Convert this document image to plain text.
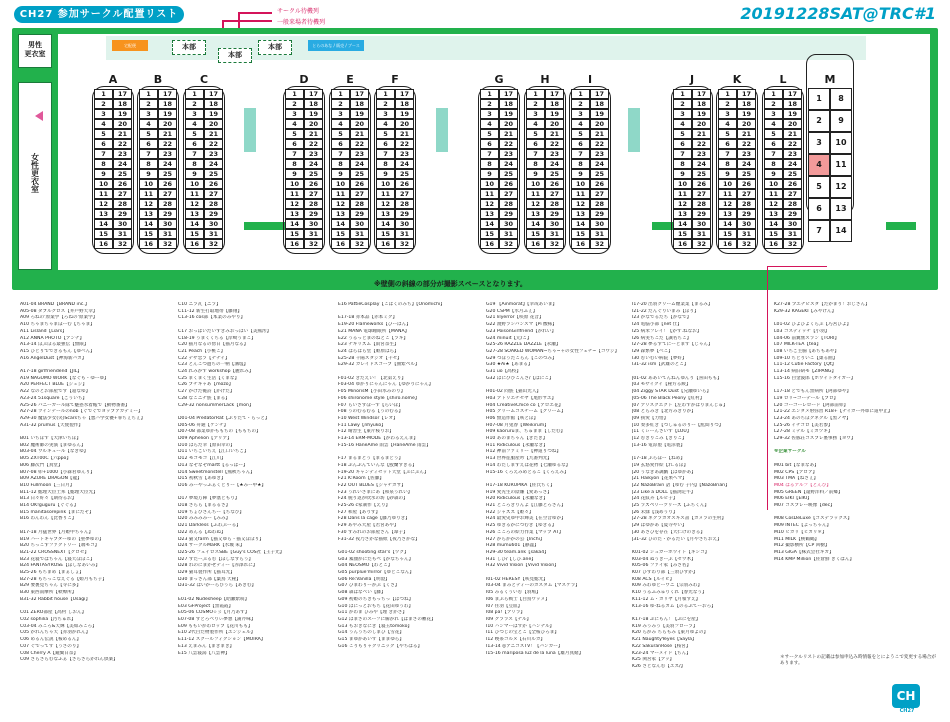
CH27 参加サークル配置リスト	サークル待機列
一般来場者待機列	20191228SAT@TRC#1
男性
更衣室
女性更衣室
宅配便	本部
本部
本部	とらのあな / 販売 / ブース
A
1	17
2	18
3	19
4	20
5	21
6	22
7	23
8	24
9	25
10	26
11	27
12	28
13	29
14	30
15	31
16	32
B
1	17
2	18
3	19
4	20
5	21
6	22
7	23
8	24
9	25
10	26
11	27
12	28
13	29
14	30
15	31
16	32
C
1	17
2	18
3	19
4	20
5	21
6	22
7	23
8	24
9	25
10	26
11	27
12	28
13	29
14	30
15	31
16	32
D
1	17
2	18
3	19
4	20
5	21
6	22
7	23
8	24
9	25
10	26
11	27
12	28
13	29
14	30
15	31
16	32
E
1	17
2	18
3	19
4	20
5	21
6	22
7	23
8	24
9	25
10	26
11	27
12	28
13	29
14	30
15	31
16	32
F
1	17
2	18
3	19
4	20
5	21
6	22
7	23
8	24
9	25
10	26
11	27
12	28
13	29
14	30
15	31
16	32
G
1	17
2	18
3	19
4	20
5	21
6	22
7	23
8	24
9	25
10	26
11	27
12	28
13	29
14	30
15	31
16	32
H
1	17
2	18
3	19
4	20
5	21
6	22
7	23
8	24
9	25
10	26
11	27
12	28
13	29
14	30
15	31
16	32
I
1	17
2	18
3	19
4	20
5	21
6	22
7	23
8	24
9	25
10	26
11	27
12	28
13	29
14	30
15	31
16	32
J
1	17
2	18
3	19
4	20
5	21
6	22
7	23
8	24
9	25
10	26
11	27
12	28
13	29
14	30
15	31
16	32
K
1	17
2	18
3	19
4	20
5	21
6	22
7	23
8	24
9	25
10	26
11	27
12	28
13	29
14	30
15	31
16	32
L
1	17
2	18
3	19
4	20
5	21
6	22
7	23
8	24
9	25
10	26
11	27
12	28
13	29
14	30
15	31
16	32
M
1	8
2	9
3	10
4	11
5	12
6	13
7	14
※壁側の斜線の部分が撮影スペースとなります。
A01-04 BRAND【BRAND inc.】
A05-08 ダブルクロス【井戸野天幸】
A09 ろねの'原案学【ろねの'原案学】
A10 ちゃまちゃまほーむ【ちゃま】
A11 Lisland【Liars】
A12 ANNA PHOTO【アンナ】
A13-14 ぼぶぼる最強伝【無限】
A15 ひとりでできるもん【ゆべん】
A16 AngelDust【神海新バカ】
A17-18 girlfriendend【JIL】
A19 NAGUMO WORK【なぐも・ゆーゆ】
A20 PERFECT BLUE【ジュジ】
A22 なのとお部屋です【超なゆ】
A23-24 51square【ごういち】
A25-26 バニーガール隊て魅惑水着帳で【動物番番】
A27-28 ツインテールのnob【ぐでぐでヨップアカデミー】
A29-30 魔法少女(笑)Scarsちゃ【悪ハ学女優+罪ちぇちぇ】
A31-32 prumus【天使製作】
B01 いちぼず【大津いちぼ】
B02 魔術師の実演【まゆるん】
B03-04 ウルキュール【なぎゆ】
B05 ZXT00C【六ppo】
B06 藤次門【真堂】
B07-08 卯+1000【小森君ゆんり】
B09 AZURE DRAGON【龍】
B10 Fullmoon【三日月】
B11-12 総理大臣土邦【総理大臣光】
B13 日々好々【期待るお】
B14 OK!guguru【ぐぐる】
B15 manitasorepink【まにたそ】
B16 わんわん【比香りこ】
B17-18 月猛世界【月姫中ちゃん】
B19 ハートキャプターゆの【聖夢ゆの】
B20 ちっこすファクトリー【端モコ】
B21-22 CROSSNEXT【クロセ】
B23 花寝ではちゃん【寝天ぽぽこ】
B24 FANTASYROSE【ほしなあいみ】
B25-26 もちまめ【まぁしょ】
B27-28 もちっこなえぐる【姫月もち子】
B29 要裏見ちゃん【寺に多】
B30 東西南療所【軟療所】
B31-32 Rabbit house【Usagi】
C01 ZERO部屋【高村 しおん】
C02 sophilia【汚ちゅれ】
C03-04 みころ&天輝【美如みころ】
C05 かれんちゃ天【赤羽かれん】
C06 めるん伝説【桜めるん】
C07 ぐでってず【うさのり】
C08 Cherry A【鏡翼日奈】
C09 さらさらむなふぁ【さらさらかれん倶楽】
C10 ニラ瓦【ニラ】
C11-12 新生打取地帯【藤翔】
C13-16 cos部【本業のみやり】
C17 おっぱいだいすきみおっぱい【美熊澪】
C18-19 うまくくちる【岸崎うまこ】
C20 猫月なるの傍日【猫月なる】
C21 Peach【小桃こ】
C22 デザ恋ラ【ナナイ】
C23 とんこつ過ちの一柄【溝塩】
C24 れみかず workshop【麗れみ】
C25 まくまく生活【くまな】
C26 プチキャあ【mozo】
C27 かげた俺詩【かげた】
C28 なこニナ族【まる】
C29-32 nonsummerLack【mon】
D01-04 PredatorRat【ぷりたて・らっと】
D05-06 舟通【ケンチ】
D07-08 部業ゆかももちの【ももちの】
D09 Aphelion【アリア】
D10 はらだ幸【原田幸の】
D11 いちごいちえ【江口いちご】
D12 モコモコ【江川】
D13 なぞなぞmartt【るっぱー】
D14 Sweetmonstell【熊秋ちゃん】
D15 初秋雪【あゆき】
D16 みーやっふぁくとりー【★みー中★】
D17 夢境万陣【夢塞ともり】
D18 ざらら【まるるさ】
D19 ちょびさんちー【ちなぴ】
D20 みみみみー【みみ】
D21 Darkless【ふわぶーる】
D22 めんる【ぬわぬ】
D23 猫又farm【猫又ゆら・猫又ぽぽり】
D24 サークルMaRK【水城 朱】
D25-26 フェイロスSBE【Guy's COS社【王子光】
D27 すたーぶるむ【ほしなすらう】
D28 れのにまかせティー【赤澤れに】
D29 猫耳製作所【猫耳光】
D30 まっさん部【葉鳥 天秘】
D31-32 はいかーらびうら【あきむ】
E01-02 Nudesheep【昭瀬紫萌】
E03 GFProject【黒霞霞】
E05-06 COSMO☆彡【月乃あず】
E07-08 すとろべりぃ夢想【蒲芹味】
E09 ももいがわロップ【花川もも】
E10 2代目だ物製作所【エンジェル】
E11-12 スクールフィクション【MOIRA】
E13 えまみん【まきまき】
E15 八雲寝湯【八雲神】
E16 PattieCosplay【こはくのみち】【Onomichi】
E17-18 赤本品【赤本ミク】
E19-20 Flameworks【ひーばん】
E21 MANA 電球睡眠所【MANA】
E22 うるっとまのねとこ【ラキ】
E23 ナギリズム【雨宮奈生】
E24 はらはら堂【姫原はら】
E25-28 千陽スタジオ【千セ】
E29-32 カレイドスコープ【曲紫ベル】
F01-02 きたえい！【北第えり】
F03-04 ゆかりにゃんにゃん【ゆかりにゃん】
F05 MinorisM【小田氷みのり】
F06 shironome style【shiro.nome】
F07 らいさすぽーず【らいぽ】
F08 うのむるむる【うのむる】
F10 West Windsor【レオ】
F11 Lawy【nhyuko】
F12 晴舎生【東片桜りお】
F13-14 ERM-MODE【かわるえんま】
F15-16 HaneAme 雨雲【HaneAme 雨雲】
F17 まるまどう【まるまどう】
F18 ぷんぷんていんな【鮫蘭すぎる】
F19-20 キャンディセット天堂【ぶにぶん】
F21 K:Room【佐藤】
F22 OUT BLUES【ジャチカサ】
F23 うれいさまにあ【和泉うれい】
F24 脱り返が吹水の坊【砂森の】
F25-26 c家制作【えり】
F27 和屋【ありす】
F28 Dans la cage【藤乃ゆりき】
F29 あやみ大屋【若宮あや】
F30 すみれのお部屋さん【葦子】
F31-32 夜乃さかな猫紙【夜乃さかな】
G01-02 shooting star's【ワク】
G03 素顔がにたもぺ【かなちゃん】
G04 NEOSMO【わとこ】
G05 purplue'mirror【ゆとこなん】
G06 Re:Vanilla【明澄】
G07 ひまわりーかぶ【くさ】
G08 森はなべい【藤】
G09 初姫のちきもっちっ【はつね】
G10 はにっとおもち【花田ゆうわ】
G11 かわま ひみや【理 きかさ】
G12 はまざのスーフに解かれ【はまざの難花】
G13 もおきなにぎ【寝玉tomoko】
G14 うんうちのしまひ【雪花】
G15 まゆかあいず【ままゆら】
G16 こりもりャクリニック【やちはる】
G19 【Ainmorat】【幸哉あいま】
G20 CSPM【水月ふぇ】
G21 lilyerror【咲原 花音】
G22 渡野ラシバンスマ【Pi 酸様】
G23 PoisonGirlfriend【かれい】
G24 minuit【元/こ】
G25-26 RAZZLE DAZZLE【永瀬】
G27-28 SOAKED WOMAN~ちゃ~ャの女性フェチ~【コウジ】
G29 つぼうたこらん【このつみ】
G30 ★Ai★【あまる】
G31 uo【高校】
G32 ぱにぴぴこんさ/【ぱにこ】
H01-02 同族【猫山光人】
H03 アトリエチセヤ【尾形サエ】
H04 CreativeChice co【アロエ花】
H05 グリームコスチーム【グリーム】
H06 無造作館【咲とぽ】
H07-08 月兎春【Weikirum】
H09 kaoruruま、ちゅまま【しだむ】
H10 あのまちゃん【ぎたぎ】
H11 Ridiculous【永瀬なぎ】
H12 神前ファミリー【神道りつね】
H13 世界征服屋吟【九番判光】
H14 わたしますえは花物【七瀬ゆるな】
H15-16 くろえみめとるこ【くろえみ】
H17-18 KURUPIKA【佐氏ちく】
H19 愛先生の陰嫌【愛あっさ】
H20 Ridiculous【永瀬なぎ】
H21 ところきりんよ【江藤とろさん】
H22 ジャズズ【姫々】
H24 最愛史ゆ中お輝美【在空音ゆか】
H25 ゆきるかにつむぎ【ゆきる】
H26 こころの絵力作業【マップ AT】
H27 からかかの公【Inchi】
H28 mumu601【静謐】
H29-30 team.ank【saka4】
H31 しひ/【しひ.ane】
H32 Vivid Vision【Vivid Vision】
I01-02 HERESY【咲見総光】
I03-04 まみとティーのカスタム【マスケラ】
I05 みるくういむ【羽鳩】
I06 まぶら戦士【白鳥ウッメ】
I07 住羽【豆皿】
I08 pa!【アリラ】
I09 クララス【ナル】
I10 ハンマーはずか【ハンナル】
I11 ひつじの宝とこ【全桜ひろま】
I12 喫茶コルヌ【石川ルカ】
I13-14 ◎アニコスTV！【バンカー】
I15-16 mariposa luz de la luna【雄月真緒】
I17-20 出羽クリーム煙業業【まるみ】
I21-22 だんぐりいまみ【ぼり】
I23 かなでるたち【かなで】
I24 電脳小部【net 仕】
I25 病米フレイ！【かず.ねなお】
I26 病実ちこた【誠名ちこ】
I27-28 夢るすてにーとまず【じゃん】
I29 森繁夢【べこ】
I30 むいむい病院【夢好】
I31-32 ism【武雄のとこ】
J01-02 ああいてんねんゆんり【喜田もも】
J03 モザイクイ【秘方る緩】
J04 Ziggy STAR Dust【兄瀬ゆいら】
J05-06 The Black Peony【紅村】
J07 アリスクエクト【左わずかはりまんじゅ】
J08 とらみき【北方みきりか】
J09 援愛【力悟】
J10 奏多紅き【つしゅるのりー【紘間りつ】
J11 くぃーんさいず【LOU】
J12 むきりこみ【きりこ】
J13-16 電涼製【電涼製】
J17-18 ぶらほー【ねめ】
J19 玄悠愛作絵【れ.るぼ】
J20 うなぎあ調戯【はゆかあ】
J21 Haikyon【花果ヘマ】
J22 NazoBrain 語【ゆむ 子内】【NazoBrian】
J23 Like a DOLL【猫渕定牛】
J24 花紋卉【ルピ子】
J25 ラズベリーツリーズ【ふちくん】
J26 未緑【浅めうり】
J27-28 ネクラカオスキス書【カメラの生村】
J29 はゆかあ【夏寺やい】
J30 あさひを存在【大仁けのきる】
J31-32 ひのた・かるだい【月やさちおえ】
K01-02 シュガーホワイト【キシコ】
K03-04 ぬうきーぶ【ゼウ木】
K05-06 ファイ家【みさ名】
K07 ひすわり部【三須ひすか】
K08 ACS【ルイビ】
K09 みわゆどーウニ【宗羽みわ】
K10 うるふみゅりくれ【春光なう】
K11-12 ム・カリヤ【月嶺すえ】
K13-16 ゆ-ねるカム【のるぷてーおろ】
K17-18 ぷにもん！【ぷにを屋】
K19 みうみう【美羽フローラ】
K20 らがみ ちらもみ【東月ゆよの】
K21 NaughtyYeyes【Sayla】
K22 SakuranRose【桜宮】
K23-24 マーメイド【ちん】
K25 関宮家【アッ】
K26 さとなんむ【ユズ/】
K27-28 プエナピスタ【たかまり！おじさん】
K29-32 KAGEKI【みやけん】
L01-02 ひよひよくらぶ【巧宮ひよ】
L03 コスディッチ【小羽】
L04-06 前翼無スラン【TORI】
L07 MILK-TEA【tea】
L08 いちご主腸【あちもあや】
L09-10 ちとりいこ【巣る曲】
L11-12 Cutie Factory【Qt】
L13-14 病旧研モ【ZIPANG】
L15-16 白金波郎【ホワイトタイガー】
L17-18 どでもん黒病所【阿部ゆや】
L19 ロリ~ゴーデール【プロ】
L20 ゴーゴーレロード【阿部前卯】
L21-22 エンタメ射弥習 R18+【ナイガー外軍に道中止】
L23-24 あのちぼクネクル【黒ノヤ】
L25-26 イチコロ【美若参】
L27-28 ミテル【ミカヅキ】
L29-32 佐豚荘コスプレ裏事務【ヨウ】
※企業サークル
M01 bit【なまなあ】
M02 CPS【アロア】
M03 TMA【ねざぇ】
M04 はるアルフ【とんび】
M05 GREEN【遠野洋料／前郷】
M06 EIKI【EIKI】
M07 コスプレー映像【dec】
M08 CosDeLuxe【コスデラックス】
M09 INTEC【よっちゃん】
M10 ヒカリ【ヒカリ＊】
M11 MILK【桃鶴鶴】
M12 撮影横所【CP 回樹】
M13 GIGA【株式会社ギガ】
M14 KMP Million【佐倉鮮 ぎくばん】
＊サークルリストの記載は参加申込み時情報をとにようこで変更する場合があります。
CH
CH27
